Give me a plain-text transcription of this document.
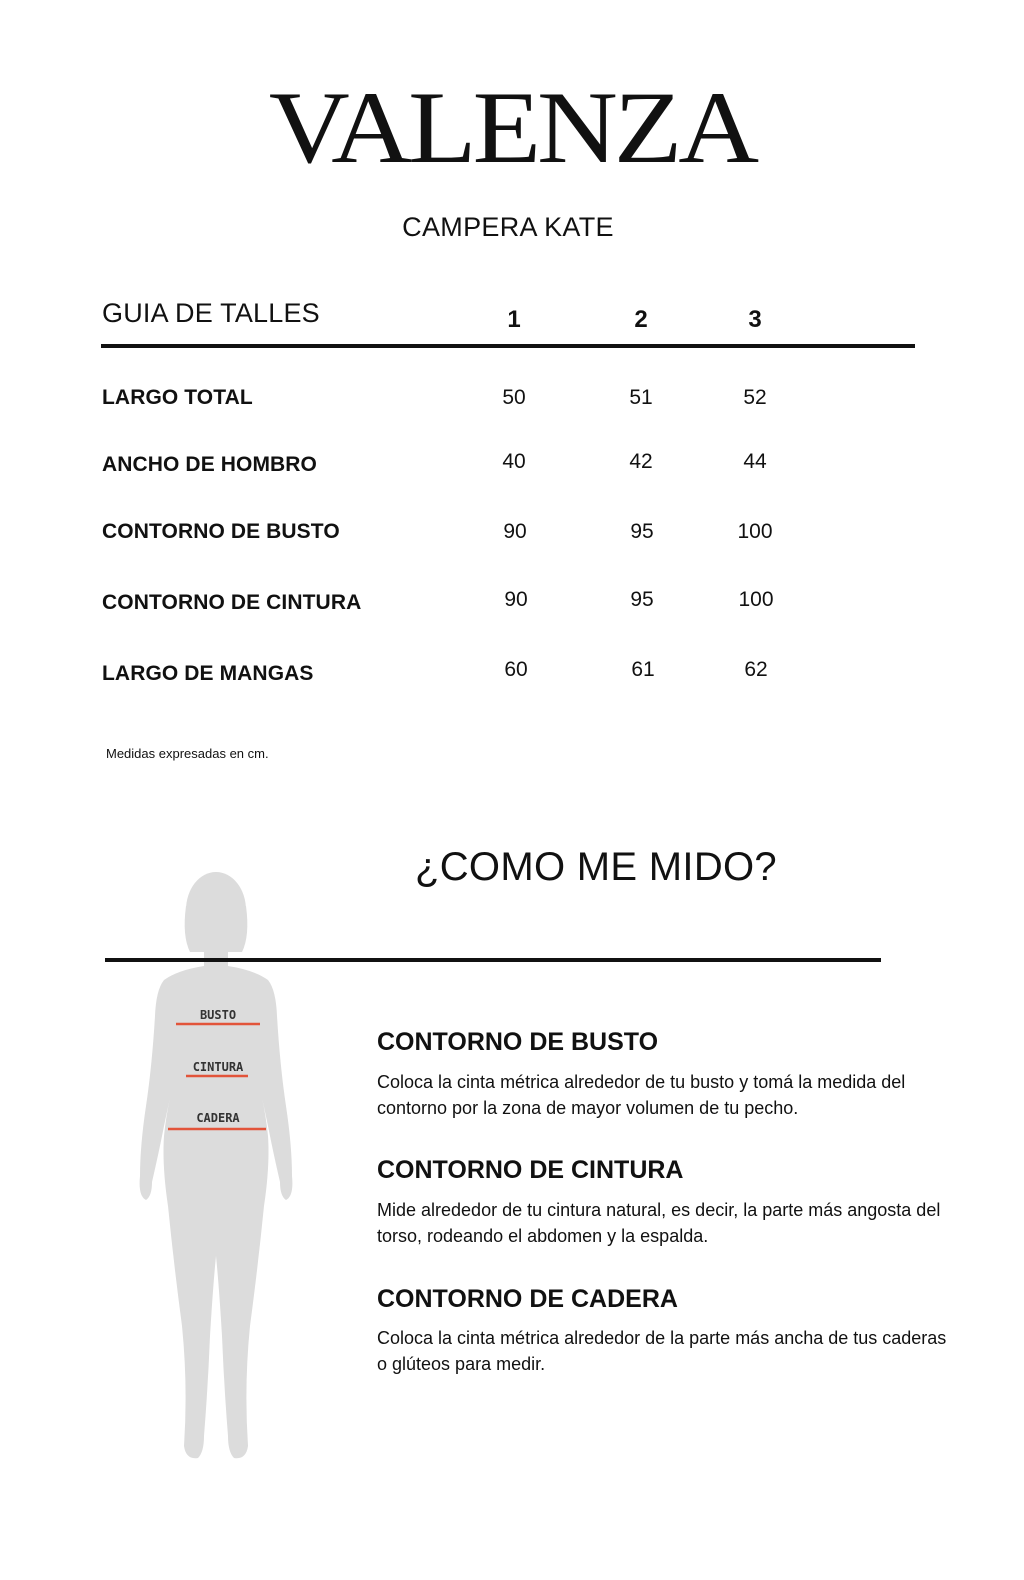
VALENZA
CAMPERA KATE
GUIA DE TALLES	1	2	3
LARGO TOTAL	50	51	52
ANCHO DE HOMBRO	40	42	44
CONTORNO DE BUSTO	90	95	100
CONTORNO DE CINTURA	90	95	100
LARGO DE MANGAS	60	61	62
Medidas expresadas en cm.
BUSTO
CINTURA
CADERA
¿COMO ME MIDO?
CONTORNO DE BUSTO
Coloca la cinta métrica alrededor de tu busto y tomá la medida del contorno por la zona de mayor volumen de tu pecho.
CONTORNO DE CINTURA
Mide alrededor de tu cintura natural, es decir, la parte más angosta del torso, rodeando el abdomen y la espalda.
CONTORNO DE CADERA
Coloca la cinta métrica alrededor de la parte más ancha de tus caderas o glúteos para medir.
